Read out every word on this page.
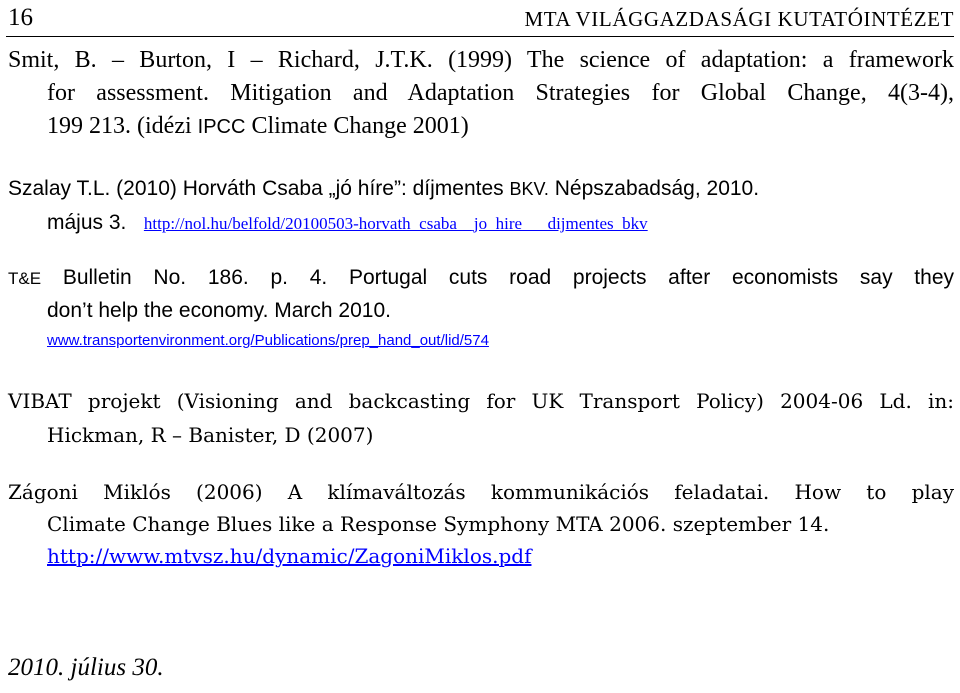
16	MTA VILÁGGAZDASÁGI KUTATÓINTÉZET
Smit, B. – Burton, I – Richard, J.T.K. (1999) The science of adaptation: a framework
for assessment. Mitigation and Adaptation Strategies for Global Change, 4(3-4),
199 213. (idézi IPCC Climate Change 2001)
Szalay T.L. (2010) Horváth Csaba „jó híre”: díjmentes BKV. Népszabadság, 2010.
május 3. http://nol.hu/belfold/20100503-horvath_csaba__jo_hire___dijmentes_bkv
T&E Bulletin No. 186. p. 4. Portugal cuts road projects after economists say they
don’t help the economy. March 2010.
www.transportenvironment.org/Publications/prep_hand_out/lid/574
VIBAT projekt (Visioning and backcasting for UK Transport Policy) 2004-06 Ld. in:
Hickman, R – Banister, D (2007)
Zágoni Miklós (2006) A klímaváltozás kommunikációs feladatai. How to play
Climate Change Blues like a Response Symphony MTA 2006. szeptember 14.
http://www.mtvsz.hu/dynamic/ZagoniMiklos.pdf
2010. július 30.
